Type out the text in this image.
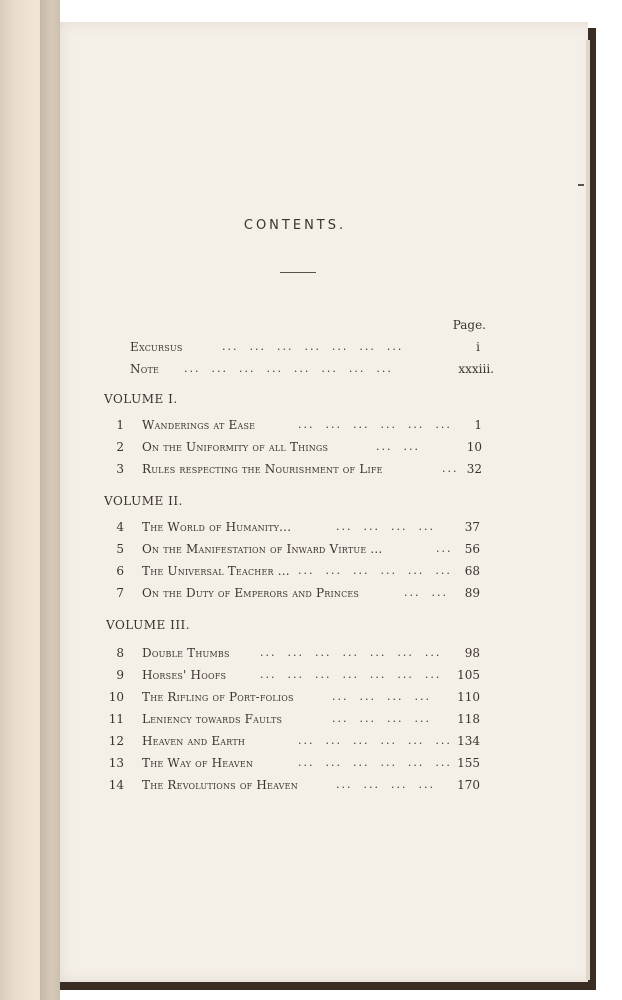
CONTENTS.
Page.
Excursus	...  ...  ...  ...  ...  ...  ...	i
Note ...  ...  ...  ...  ...  ...  ...  ...	xxxiii.
VOLUME I.
1 Wanderings at Ease	...  ...  ...  ...  ...  ...	1
2 On the Uniformity of all Things	...  ...	10
3 Rules respecting the Nourishment of Life	... 32
VOLUME II.
4 The World of Humanity...	...  ...  ...  ...	37
5 On the Manifestation of Inward Virtue ...	...	56
6 The Universal Teacher ... ...  ...  ...  ...  ...  ...	68
7 On the Duty of Emperors and Princes	...  ...	89
VOLUME III.
8 Double Thumbs	...  ...  ...  ...  ...  ...  ...	98
9 Horses' Hoofs	...  ...  ...  ...  ...  ...  ...	105
10 The Rifling of Port-folios	...  ...  ...  ...	110
11 Leniency towards Faults	...  ...  ...  ...	118
12 Heaven and Earth	...  ...  ...  ...  ...  ... 134
13 The Way of Heaven	...  ...  ...  ...  ...  ... 155
14 The Revolutions of Heaven	...  ...  ...  ...	170
